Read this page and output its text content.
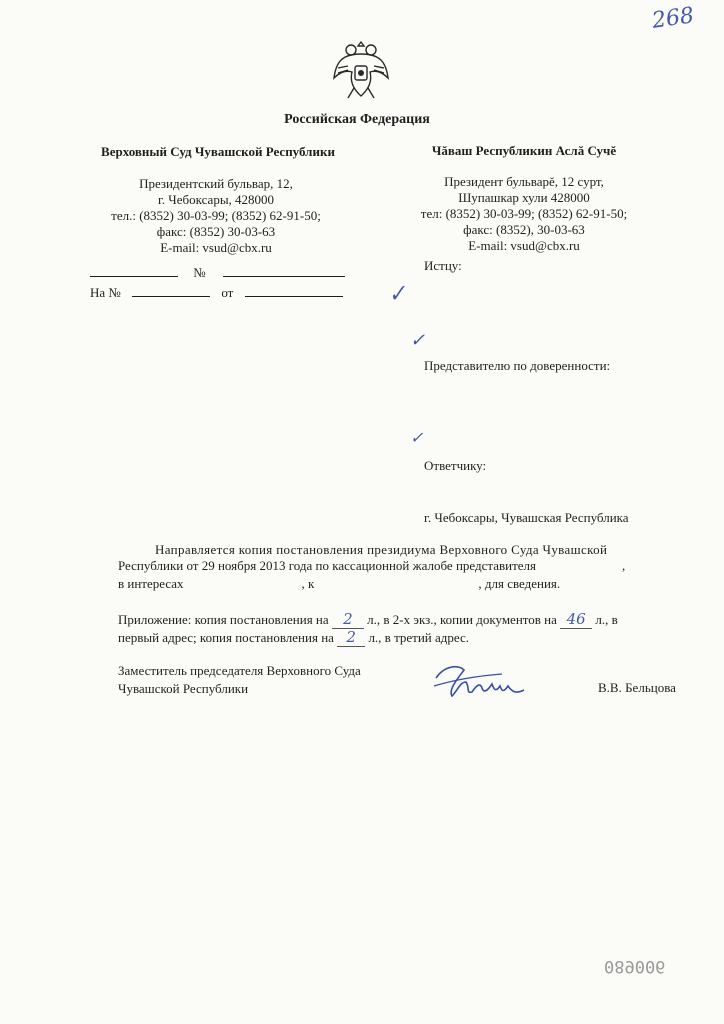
268
Российская Федерация
Верховный Суд Чувашской Республики
Президентский бульвар, 12,
г. Чебоксары, 428000
тел.: (8352) 30-03-99; (8352) 62-91-50;
факс: (8352) 30-03-63
E-mail: vsud@cbx.ru
Чăваш Республикин Аслă Сучĕ
Президент бульварĕ, 12 сурт,
Шупашкар хули 428000
тел: (8352) 30-03-99; (8352) 62-91-50;
факс: (8352), 30-03-63
E-mail: vsud@cbx.ru
№
На №	от
Истцу:
✓
✓
Представителю по доверенности:
✓
Ответчику:
г. Чебоксары, Чувашская Республика
Направляется копия постановления президиума Верховного Суда Чувашской
Республики от 29 ноября 2013 года по кассационной жалобе представителя	,
в интересах	, к	, для сведения.
Приложение: копия постановления на 2 л., в 2-х экз., копии документов на 46 л., в
первый адрес; копия постановления на 2 л., в третий адрес.
Заместитель председателя Верховного Суда
Чувашской Республики	В.В. Бельцова
089006
